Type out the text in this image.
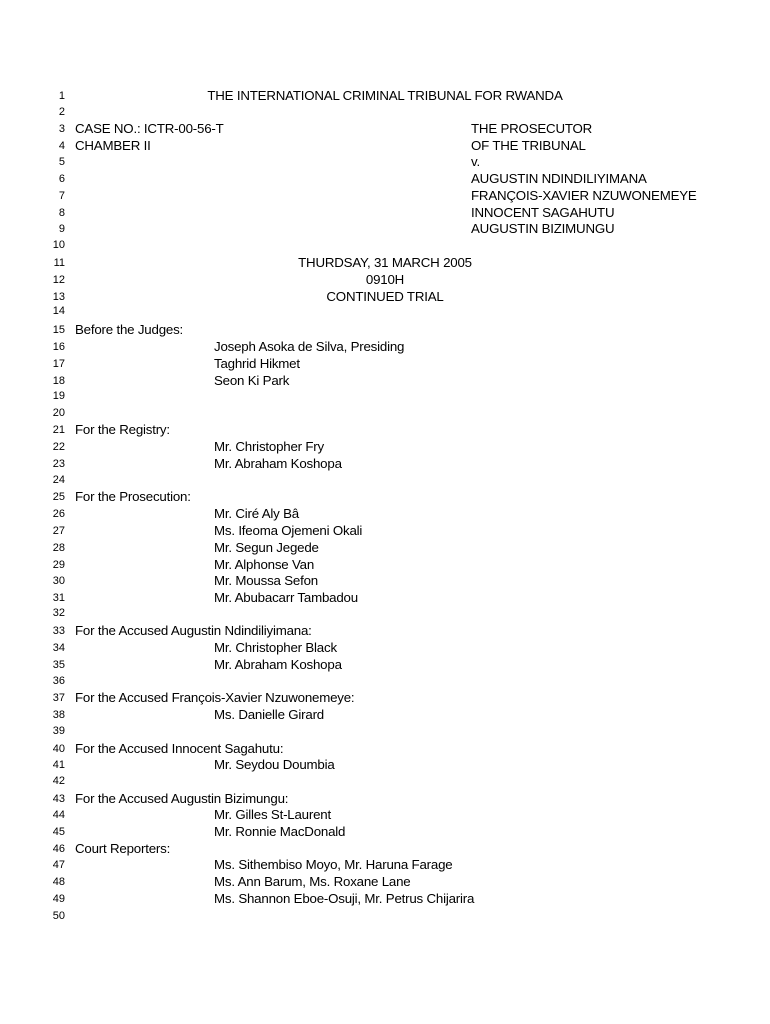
1
2
3
4
5
6
7
8
9
10
11
12
13
14
15
16
17
18
19
20
21
22
23
24
25
26
27
28
29
30
31
32
33
34
35
36
37
38
39
40
41
42
43
44
45
46
47
48
49
50
THE INTERNATIONAL CRIMINAL TRIBUNAL FOR RWANDA
CASE NO.: ICTR-00-56-T
CHAMBER II
THE PROSECUTOR
OF THE TRIBUNAL
v.
AUGUSTIN NDINDILIYIMANA
FRANÇOIS-XAVIER NZUWONEMEYE
INNOCENT SAGAHUTU
AUGUSTIN BIZIMUNGU
THURDSAY, 31 MARCH 2005
0910H
CONTINUED TRIAL
Before the Judges:
Joseph Asoka de Silva, Presiding
Taghrid Hikmet
Seon Ki Park
For the Registry:
Mr. Christopher Fry
Mr. Abraham Koshopa
For the Prosecution:
Mr. Ciré Aly Bâ
Ms. Ifeoma Ojemeni Okali
Mr. Segun Jegede
Mr. Alphonse Van
Mr. Moussa Sefon
Mr. Abubacarr Tambadou
For the Accused Augustin Ndindiliyimana:
Mr. Christopher Black
Mr. Abraham Koshopa
For the Accused François-Xavier Nzuwonemeye:
Ms. Danielle Girard
For the Accused Innocent Sagahutu:
Mr. Seydou Doumbia
For the Accused Augustin Bizimungu:
Mr. Gilles St-Laurent
Mr. Ronnie MacDonald
Court Reporters:
Ms. Sithembiso Moyo, Mr. Haruna Farage
Ms. Ann Barum, Ms. Roxane Lane
Ms. Shannon Eboe-Osuji, Mr. Petrus Chijarira
